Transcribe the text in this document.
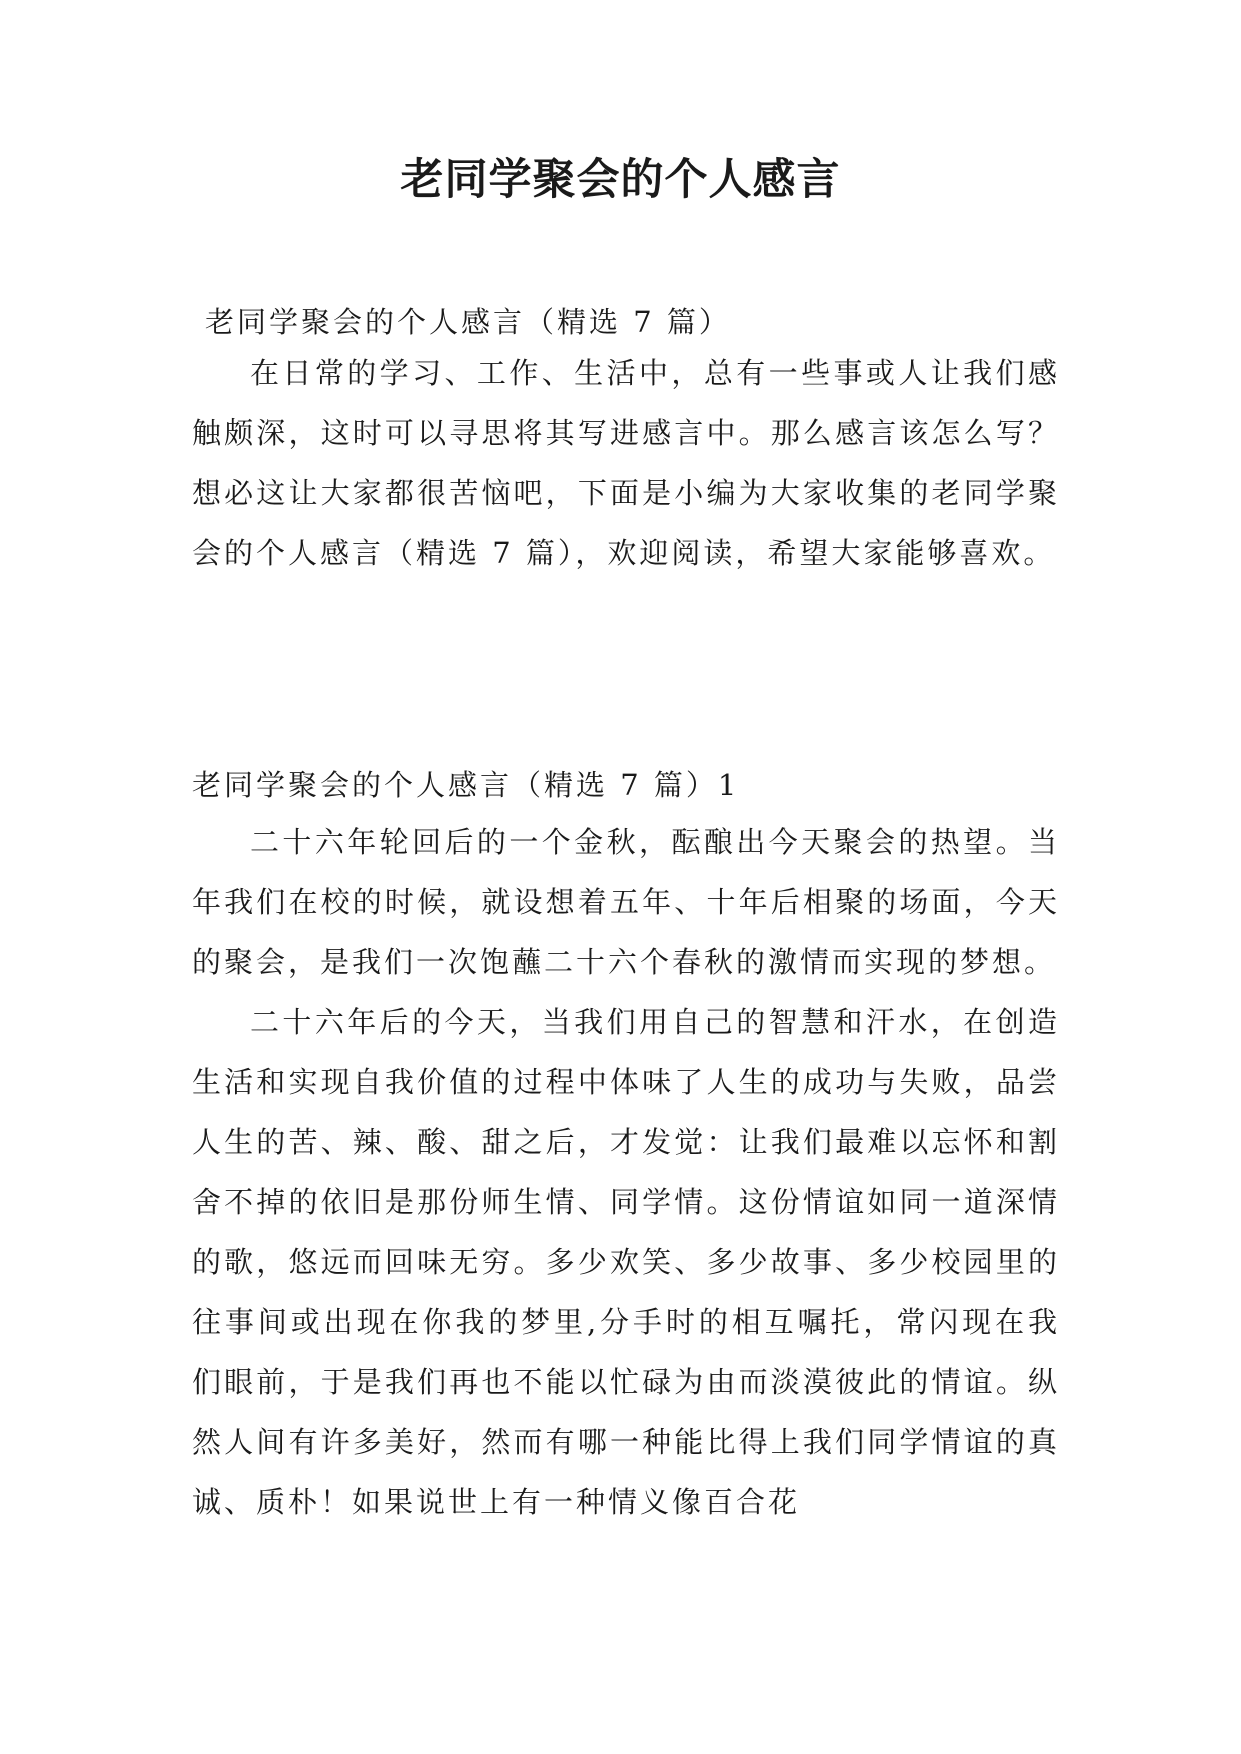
老同学聚会的个人感言
老同学聚会的个人感言（精选 7 篇）

在日常的学习、工作、生活中，总有一些事或人让我们感触颇深，这时可以寻思将其写进感言中。那么感言该怎么写？想必这让大家都很苦恼吧，下面是小编为大家收集的老同学聚会的个人感言（精选 7 篇），欢迎阅读，希望大家能够喜欢。

老同学聚会的个人感言（精选 7 篇）1

二十六年轮回后的一个金秋，酝酿出今天聚会的热望。当年我们在校的时候，就设想着五年、十年后相聚的场面，今天的聚会，是我们一次饱蘸二十六个春秋的激情而实现的梦想。

二十六年后的今天，当我们用自己的智慧和汗水，在创造生活和实现自我价值的过程中体味了人生的成功与失败，品尝人生的苦、辣、酸、甜之后，才发觉：让我们最难以忘怀和割舍不掉的依旧是那份师生情、同学情。这份情谊如同一道深情的歌，悠远而回味无穷。多少欢笑、多少故事、多少校园里的往事间或出现在你我的梦里,分手时的相互嘱托，常闪现在我们眼前，于是我们再也不能以忙碌为由而淡漠彼此的情谊。纵然人间有许多美好，然而有哪一种能比得上我们同学情谊的真诚、质朴！如果说世上有一种情义像百合花
